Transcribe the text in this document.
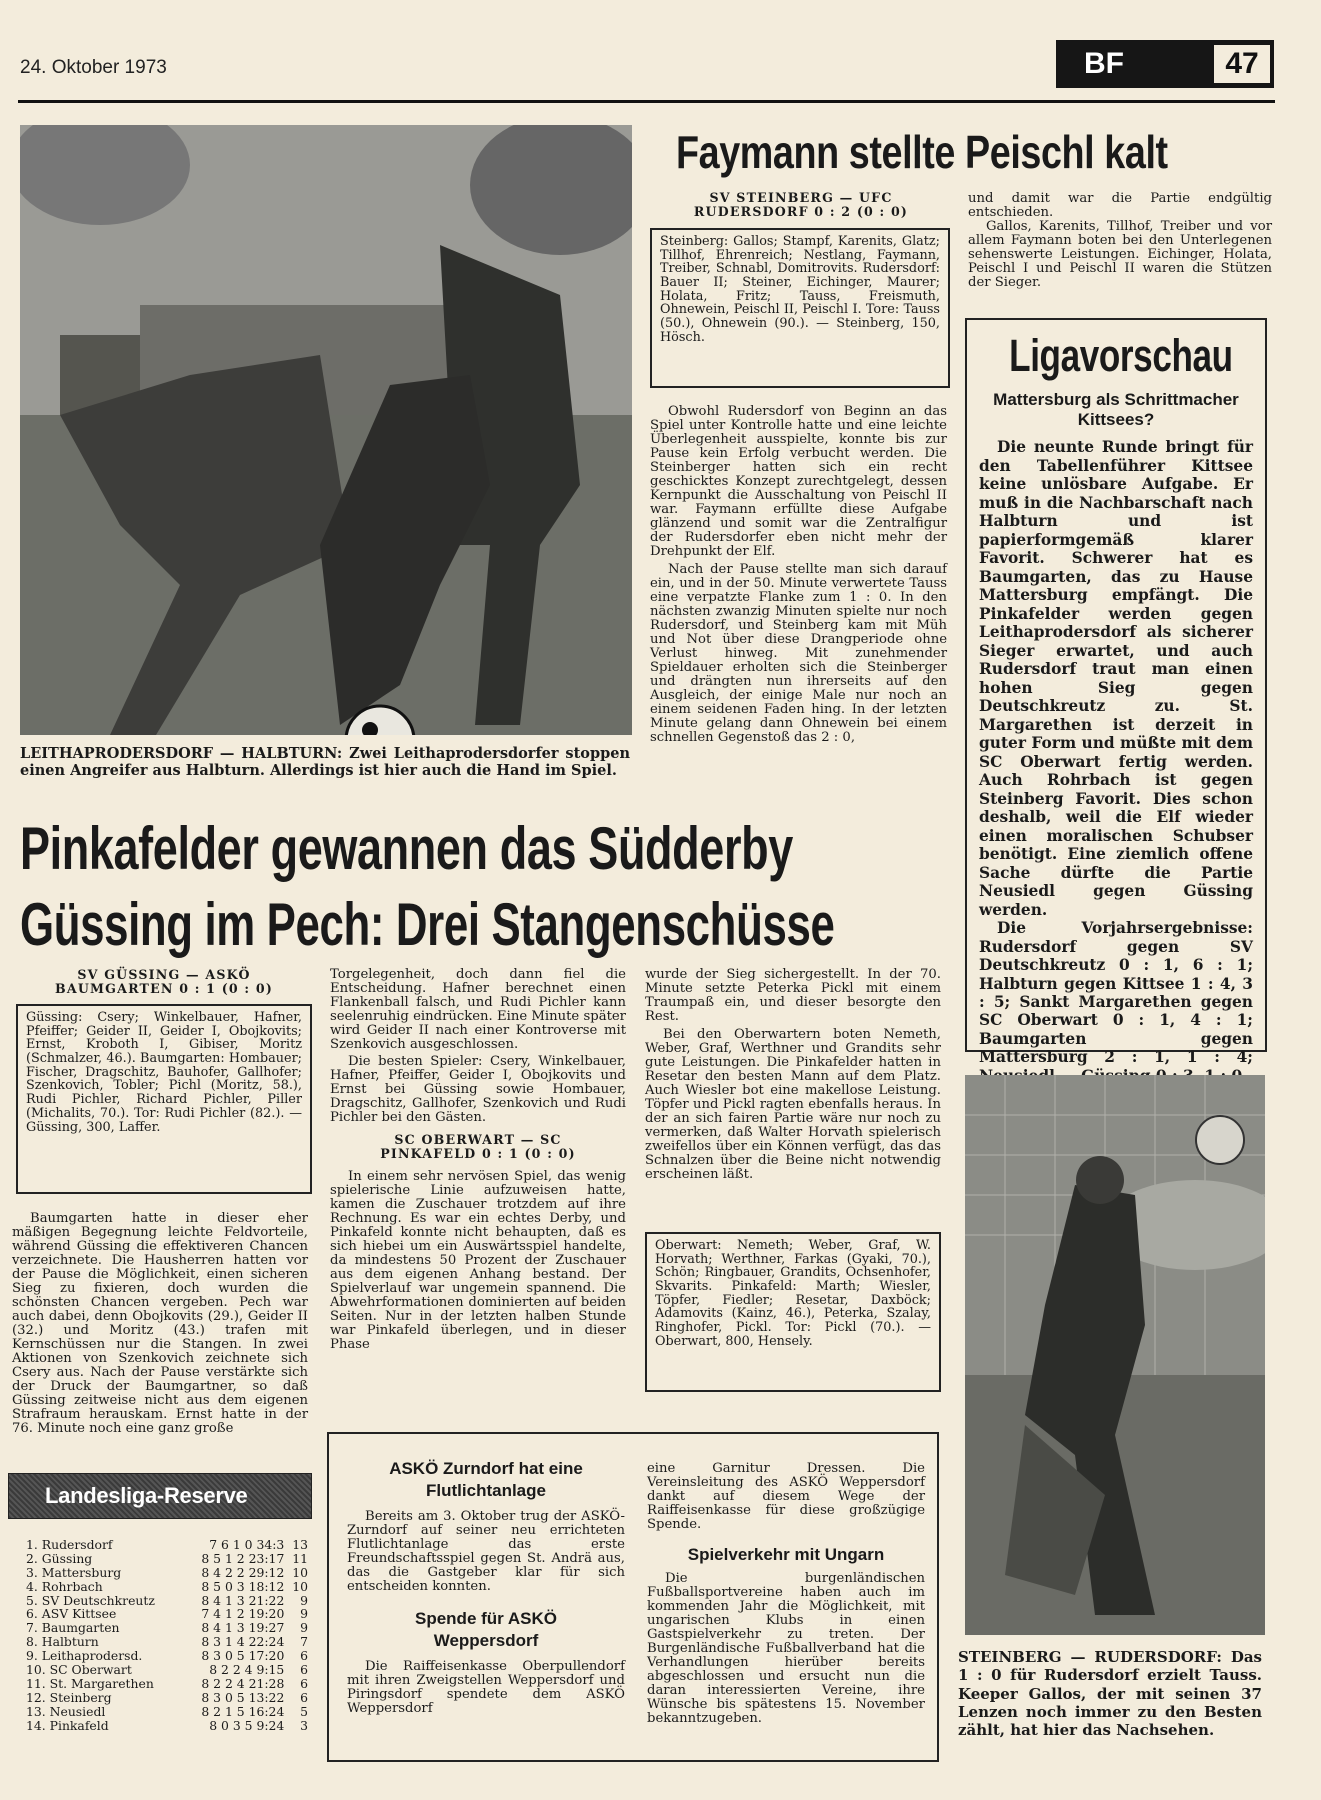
24. Oktober 1973	BF	47
LEITHAPRODERSDORF — HALBTURN: Zwei Leithaprodersdorfer stoppen einen Angreifer aus Halbturn. Allerdings ist hier auch die Hand im Spiel.
Faymann stellte Peischl kalt
SV STEINBERG — UFC RUDERSDORF 0 : 2 (0 : 0)
Steinberg: Gallos; Stampf, Karenits, Glatz; Tillhof, Ehrenreich; Nestlang, Faymann, Treiber, Schnabl, Domitrovits. Rudersdorf: Bauer II; Steiner, Eichinger, Maurer; Holata, Fritz; Tauss, Freismuth, Ohnewein, Peischl II, Peischl I. Tore: Tauss (50.), Ohnewein (90.). — Steinberg, 150, Hösch.

Obwohl Rudersdorf von Beginn an das Spiel unter Kontrolle hatte und eine leichte Überlegenheit ausspielte, konnte bis zur Pause kein Erfolg verbucht werden. Die Steinberger hatten sich ein recht geschicktes Konzept zurechtgelegt, dessen Kernpunkt die Ausschaltung von Peischl II war. Faymann erfüllte diese Aufgabe glänzend und somit war die Zentralfigur der Rudersdorfer eben nicht mehr der Drehpunkt der Elf.

Nach der Pause stellte man sich darauf ein, und in der 50. Minute verwertete Tauss eine verpatzte Flanke zum 1 : 0. In den nächsten zwanzig Minuten spielte nur noch Rudersdorf, und Steinberg kam mit Müh und Not über diese Drangperiode ohne Verlust hinweg. Mit zunehmender Spieldauer erholten sich die Steinberger und drängten nun ihrerseits auf den Ausgleich, der einige Male nur noch an einem seidenen Faden hing. In der letzten Minute gelang dann Ohnewein bei einem schnellen Gegenstoß das 2 : 0,

und damit war die Partie endgültig entschieden.

Gallos, Karenits, Tillhof, Treiber und vor allem Faymann boten bei den Unterlegenen sehenswerte Leistungen. Eichinger, Holata, Peischl I und Peischl II waren die Stützen der Sieger.

Ligavorschau
Mattersburg als Schrittmacher Kittsees?

Die neunte Runde bringt für den Tabellenführer Kittsee keine unlösbare Aufgabe. Er muß in die Nachbarschaft nach Halbturn und ist papierformgemäß klarer Favorit. Schwerer hat es Baumgarten, das zu Hause Mattersburg empfängt. Die Pinkafelder werden gegen Leithaprodersdorf als sicherer Sieger erwartet, und auch Rudersdorf traut man einen hohen Sieg gegen Deutschkreutz zu. St. Margarethen ist derzeit in guter Form und müßte mit dem SC Oberwart fertig werden. Auch Rohrbach ist gegen Steinberg Favorit. Dies schon deshalb, weil die Elf wieder einen moralischen Schubser benötigt. Eine ziemlich offene Sache dürfte die Partie Neusiedl gegen Güssing werden.

Die Vorjahrsergebnisse: Rudersdorf gegen SV Deutschkreutz 0 : 1, 6 : 1; Halbturn gegen Kittsee 1 : 4, 3 : 5; Sankt Margarethen gegen SC Oberwart 0 : 1, 4 : 1; Baumgarten gegen Mattersburg 2 : 1, 1 : 4;

Pinkafelder gewannen das Südderby
Güssing im Pech: Drei Stangenschüsse
SV GÜSSING — ASKÖ BAUMGARTEN 0 : 1 (0 : 0)
Güssing: Csery; Winkelbauer, Hafner, Pfeiffer; Geider II, Geider I, Obojkovits; Ernst, Kroboth I, Gibiser, Moritz (Schmalzer, 46.). Baumgarten: Hombauer; Fischer, Dragschitz, Bauhofer, Gallhofer; Szenkovich, Tobler; Pichl (Moritz, 58.), Rudi Pichler, Richard Pichler, Piller (Michalits, 70.). Tor: Rudi Pichler (82.). — Güssing, 300, Laffer.

Baumgarten hatte in dieser eher mäßigen Begegnung leichte Feldvorteile, während Güssing die effektiveren Chancen verzeichnete. Die Hausherren hatten vor der Pause die Möglichkeit, einen sicheren Sieg zu fixieren, doch wurden die schönsten Chancen vergeben. Pech war auch dabei, denn Obojkovits (29.), Geider II (32.) und Moritz (43.) trafen mit Kernschüssen nur die Stangen. In zwei Aktionen von Szenkovich zeichnete sich Csery aus. Nach der Pause verstärkte sich der Druck der Baumgartner, so daß Güssing zeitweise nicht aus dem eigenen Strafraum herauskam. Ernst hatte in der 76. Minute noch eine ganz große

Torgelegenheit, doch dann fiel die Entscheidung. Hafner berechnet einen Flankenball falsch, und Rudi Pichler kann seelenruhig eindrücken. Eine Minute später wird Geider II nach einer Kontroverse mit Szenkovich ausgeschlossen.

Die besten Spieler: Csery, Winkelbauer, Hafner, Pfeiffer, Geider I, Obojkovits und Ernst bei Güssing sowie Hombauer, Dragschitz, Gallhofer, Szenkovich und Rudi Pichler bei den Gästen.

SC OBERWART — SC PINKAFELD 0 : 1 (0 : 0)

In einem sehr nervösen Spiel, das wenig spielerische Linie aufzuweisen hatte, kamen die Zuschauer trotzdem auf ihre Rechnung. Es war ein echtes Derby, und Pinkafeld konnte nicht behaupten, daß es sich hiebei um ein Auswärtsspiel handelte, da mindestens 50 Prozent der Zuschauer aus dem eigenen Anhang bestand. Der Spielverlauf war ungemein spannend. Die Abwehrformationen dominierten auf beiden Seiten. Nur in der letzten halben Stunde war Pinkafeld überlegen, und in dieser Phase

wurde der Sieg sichergestellt. In der 70. Minute setzte Peterka Pickl mit einem Traumpaß ein, und dieser besorgte den Rest.

Bei den Oberwartern boten Nemeth, Weber, Graf, Werthner und Grandits sehr gute Leistungen. Die Pinkafelder hatten in Resetar den besten Mann auf dem Platz. Auch Wiesler bot eine makellose Leistung. Töpfer und Pickl ragten ebenfalls heraus. In der an sich fairen Partie wäre nur noch zu vermerken, daß Walter Horvath spielerisch zweifellos über ein Können verfügt, das das Schnalzen über die Beine nicht notwendig erscheinen läßt.

Oberwart: Nemeth; Weber, Graf, W. Horvath; Werthner, Farkas (Gyaki, 70.), Schön; Ringbauer, Grandits, Ochsenhofer, Skvarits. Pinkafeld: Marth; Wiesler, Töpfer, Fiedler; Resetar, Daxböck; Adamovits (Kainz, 46.), Peterka, Szalay, Ringhofer, Pickl. Tor: Pickl (70.). — Oberwart, 800, Hensely.
Landesliga-Reserve
1. Rudersdorf	7 6 1 0 34:3	13
2. Güssing	8 5 1 2 23:17	11
3. Mattersburg	8 4 2 2 29:12	10
4. Rohrbach	8 5 0 3 18:12	10
5. SV Deutschkreutz	8 4 1 3 21:22	9
6. ASV Kittsee	7 4 1 2 19:20	9
7. Baumgarten	8 4 1 3 19:27	9
8. Halbturn	8 3 1 4 22:24	7
9. Leithaprodersd.	8 3 0 5 17:20	6
10. SC Oberwart	8 2 2 4 9:15	6
11. St. Margarethen	8 2 2 4 21:28	6
12. Steinberg	8 3 0 5 13:22	6
13. Neusiedl	8 2 1 5 16:24	5
14. Pinkafeld	8 0 3 5 9:24	3
ASKÖ Zurndorf hat eine Flutlichtanlage

Bereits am 3. Oktober trug der ASKÖ-Zurndorf auf seiner neu errichteten Flutlichtanlage das erste Freundschaftsspiel gegen St. Andrä aus, das die Gastgeber klar für sich entscheiden konnten.

Spende für ASKÖ Weppersdorf

Die Raiffeisenkasse Oberpullendorf mit ihren Zweigstellen Weppersdorf und Piringsdorf spendete dem ASKÖ Weppersdorf

eine Garnitur Dressen. Die Vereinsleitung des ASKÖ Weppersdorf dankt auf diesem Wege der Raiffeisenkasse für diese großzügige Spende.
Spielverkehr mit Ungarn

Die burgenländischen Fußballsportvereine haben auch im kommenden Jahr die Möglichkeit, mit ungarischen Klubs in einen Gastspielverkehr zu treten. Der Burgenländische Fußballverband hat die Verhandlungen hierüber bereits abgeschlossen und ersucht nun die daran interessierten Vereine, ihre Wünsche bis spätestens 15. November bekanntzugeben.

STEINBERG — RUDERSDORF: Das 1 : 0 für Rudersdorf erzielt Tauss. Keeper Gallos, der mit seinen 37 Lenzen noch immer zu den Besten zählt, hat hier das Nachsehen.
